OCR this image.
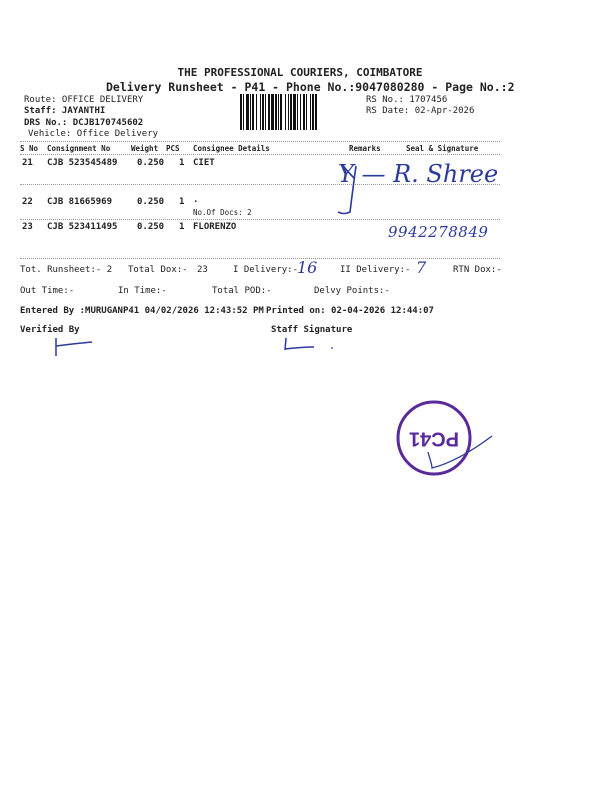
THE PROFESSIONAL COURIERS, COIMBATORE
Delivery Runsheet - P41 - Phone No.:9047080280 - Page No.:2
Route: OFFICE DELIVERY
Staff: JAYANTHI
DRS No.: DCJB170745602
Vehicle: Office Delivery
RS No.: 1707456
RS Date: 02-Apr-2026
S No Consignment No	Weight PCS Consignee Details	Remarks	Seal & Signature
21 CJB 523545489 0.250 1 CIET
22 CJB 81665969	0.250 1 .
No.Of Docs: 2
23 CJB 523411495 0.250 1 FLORENZO
Y — R. Shree
9942278849
Tot. Runsheet:- 2 Total Dox:- 23	I Delivery:-
16	II Delivery:- 7	RTN Dox:-
Out Time:-	In Time:-	Total POD:-	Delvy Points:-
Entered By :MURUGANP41 04/02/2026 12:43:52 PM Printed on: 02-04-2026 12:44:07
Verified By	Staff Signature
PC41
